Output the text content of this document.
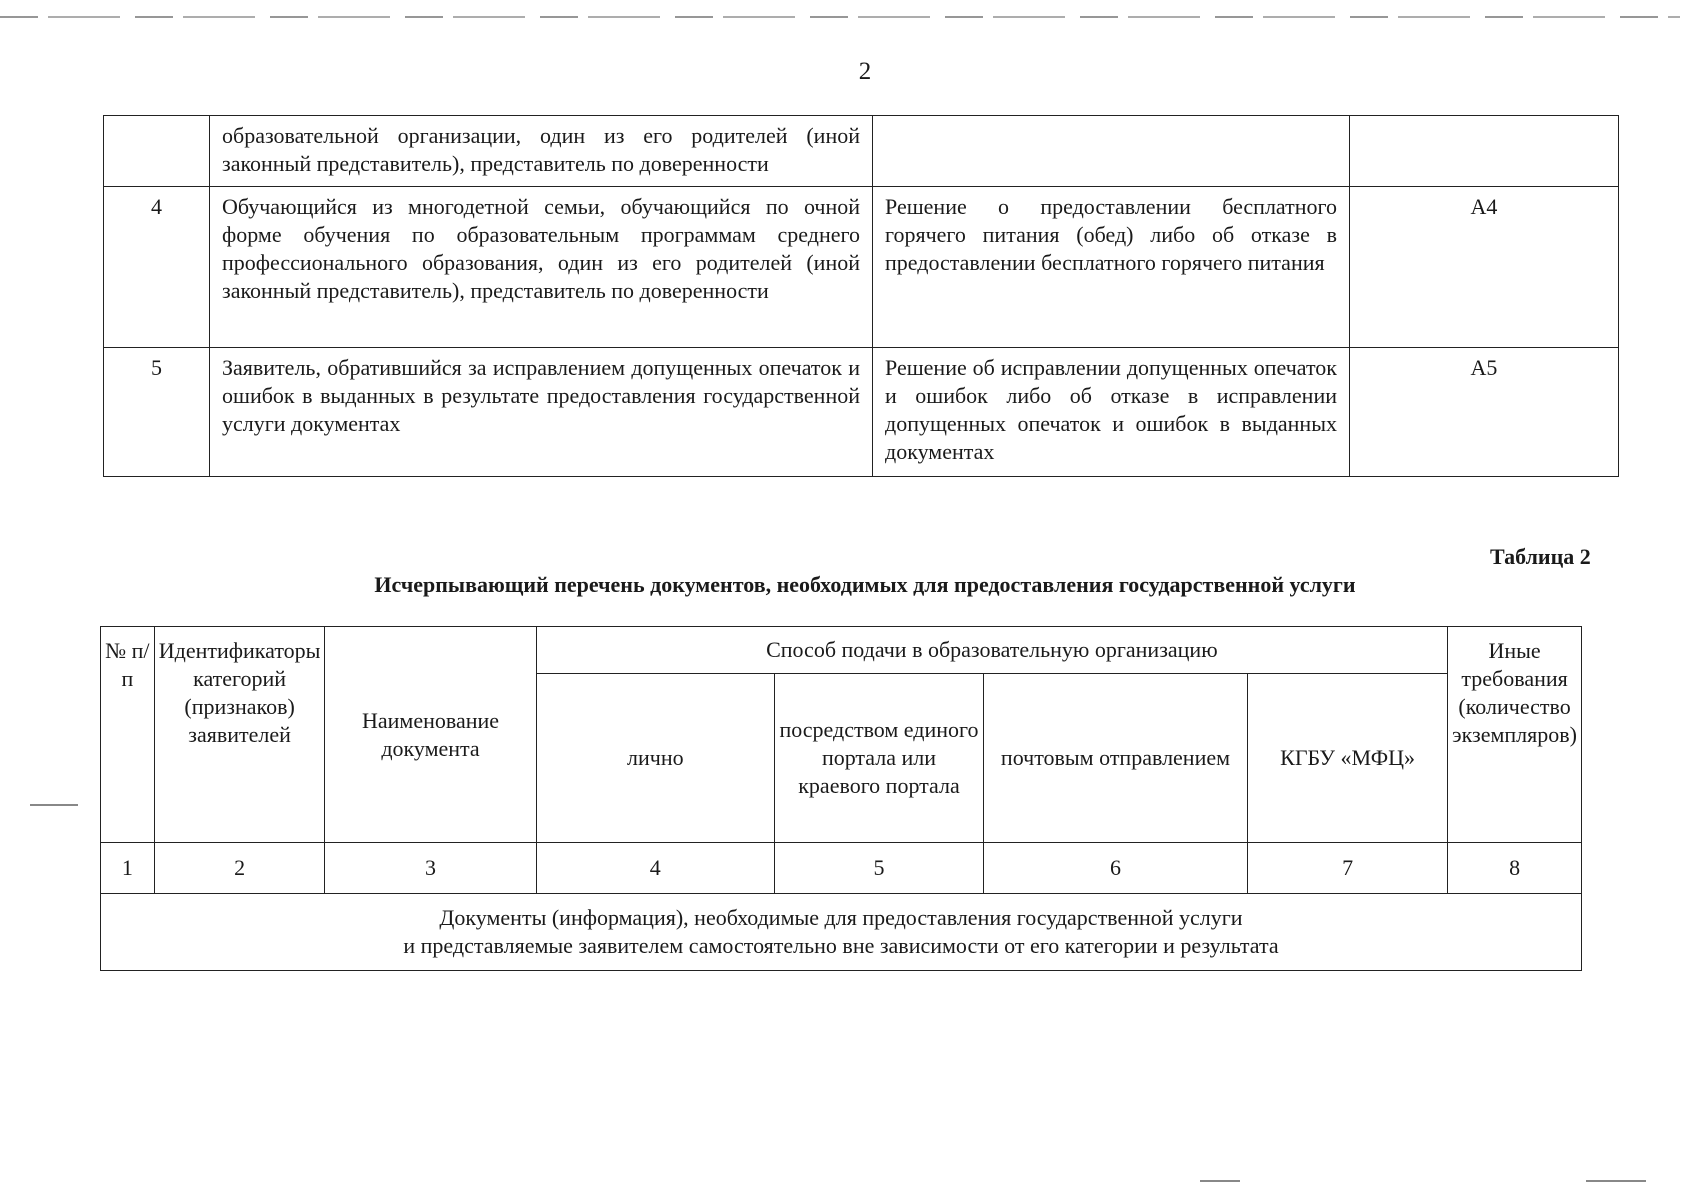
2
	образовательной организации, один из его родителей (иной законный представитель), представитель по доверенности		
4	Обучающийся из многодетной семьи, обучающийся по очной форме обучения по образовательным программам среднего профессионального образования, один из его родителей (иной законный представитель), представитель по доверенности	Решение о предоставлении бесплатного горячего питания (обед) либо об отказе в предоставлении бесплатного горячего питания	А4
5	Заявитель, обратившийся за исправлением допущенных опечаток и ошибок в выданных в результате предоставления государственной услуги документах	Решение об исправлении допущенных опечаток и ошибок либо об отказе в исправлении допущенных опечаток и ошибок в выданных документах	А5
Таблица 2
Исчерпывающий перечень документов, необходимых для предоставления государственной услуги
№ п/п	Идентификаторы категорий (признаков) заявителей	Наименование документа	Способ подачи в образовательную организацию				Иные требования (количество экземпляров)
			лично	посредством единого портала или краевого портала	почтовым отправлением	КГБУ «МФЦ»	
1	2	3	4	5	6	7	8

Документы (информация), необходимые для предоставления государственной услуги
и представляемые заявителем самостоятельно вне зависимости от его категории и результата							
